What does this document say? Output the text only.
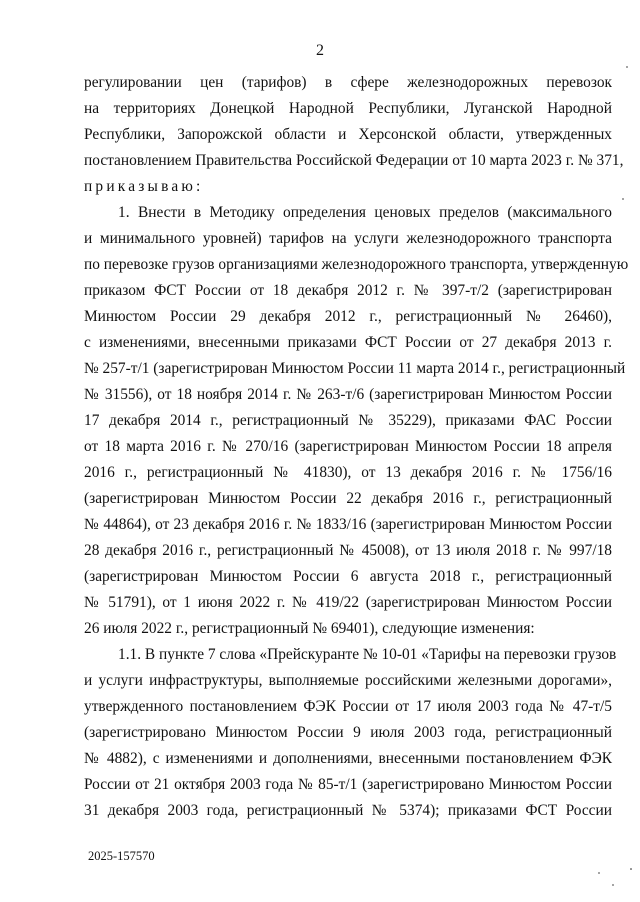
2
регулировании цен (тарифов) в сфере железнодорожных перевозок
на территориях Донецкой Народной Республики, Луганской Народной
Республики, Запорожской области и Херсонской области, утвержденных
постановлением Правительства Российской Федерации от 10 марта 2023 г. № 371,
приказываю:
1. Внести в Методику определения ценовых пределов (максимального
и минимального уровней) тарифов на услуги железнодорожного транспорта
по перевозке грузов организациями железнодорожного транспорта, утвержденную
приказом ФСТ России от 18 декабря 2012 г. № 397-т/2 (зарегистрирован
Минюстом России 29 декабря 2012 г., регистрационный № 26460),
с изменениями, внесенными приказами ФСТ России от 27 декабря 2013 г.
№ 257-т/1 (зарегистрирован Минюстом России 11 марта 2014 г., регистрационный
№ 31556), от 18 ноября 2014 г. № 263-т/6 (зарегистрирован Минюстом России
17 декабря 2014 г., регистрационный № 35229), приказами ФАС России
от 18 марта 2016 г. № 270/16 (зарегистрирован Минюстом России 18 апреля
2016 г., регистрационный № 41830), от 13 декабря 2016 г. № 1756/16
(зарегистрирован Минюстом России 22 декабря 2016 г., регистрационный
№ 44864), от 23 декабря 2016 г. № 1833/16 (зарегистрирован Минюстом России
28 декабря 2016 г., регистрационный № 45008), от 13 июля 2018 г. № 997/18
(зарегистрирован Минюстом России 6 августа 2018 г., регистрационный
№ 51791), от 1 июня 2022 г. № 419/22 (зарегистрирован Минюстом России
26 июля 2022 г., регистрационный № 69401), следующие изменения:
1.1. В пункте 7 слова «Прейскуранте № 10-01 «Тарифы на перевозки грузов
и услуги инфраструктуры, выполняемые российскими железными дорогами»,
утвержденного постановлением ФЭК России от 17 июля 2003 года № 47-т/5
(зарегистрировано Минюстом России 9 июля 2003 года, регистрационный
№ 4882), с изменениями и дополнениями, внесенными постановлением ФЭК
России от 21 октября 2003 года № 85-т/1 (зарегистрировано Минюстом России
31 декабря 2003 года, регистрационный № 5374); приказами ФСТ России
2025-157570
